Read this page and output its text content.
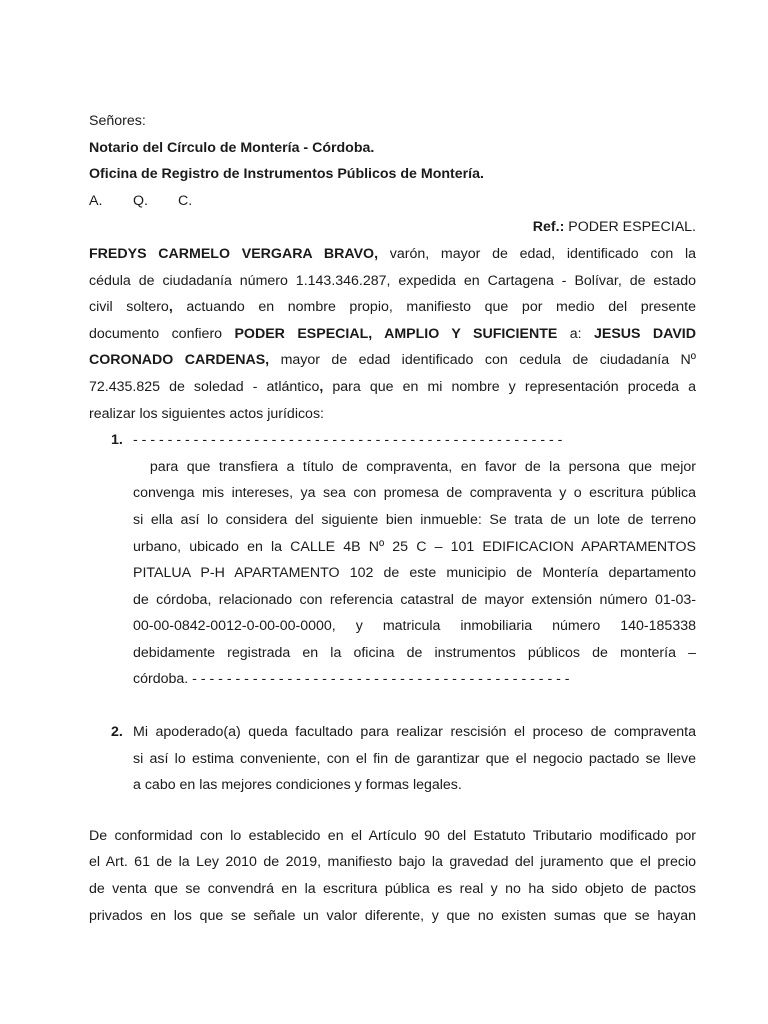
Señores:
Notario del Círculo de Montería - Córdoba.
Oficina de Registro de Instrumentos Públicos de Montería.
A. Q. C.
Ref.: PODER ESPECIAL.
FREDYS CARMELO VERGARA BRAVO, varón, mayor de edad, identificado con la
cédula de ciudadanía número 1.143.346.287, expedida en Cartagena - Bolívar, de estado
civil soltero, actuando en nombre propio, manifiesto que por medio del presente
documento confiero PODER ESPECIAL, AMPLIO Y SUFICIENTE a: JESUS DAVID
CORONADO CARDENAS, mayor de edad identificado con cedula de ciudadanía Nº
72.435.825 de soledad - atlántico, para que en mi nombre y representación proceda a
realizar los siguientes actos jurídicos:
1. - - - - - - - - - - - - - - - - - - - - - - - - - - - - - - - - - - - - - - - - - - - - - - - - - -
para que transfiera a título de compraventa, en favor de la persona que mejor
convenga mis intereses, ya sea con promesa de compraventa y o escritura pública
si ella así lo considera del siguiente bien inmueble: Se trata de un lote de terreno
urbano, ubicado en la CALLE 4B Nº 25 C – 101 EDIFICACION APARTAMENTOS
PITALUA P-H APARTAMENTO 102 de este municipio de Montería departamento
de córdoba, relacionado con referencia catastral de mayor extensión número 01-03-
00-00-0842-0012-0-00-00-0000, y matricula inmobiliaria número 140-185338
debidamente registrada en la oficina de instrumentos públicos de montería –
córdoba. - - - - - - - - - - - - - - - - - - - - - - - - - - - - - - - - - - - - - - - - - - - -
2. Mi apoderado(a) queda facultado para realizar rescisión el proceso de compraventa
si así lo estima conveniente, con el fin de garantizar que el negocio pactado se lleve
a cabo en las mejores condiciones y formas legales.
De conformidad con lo establecido en el Artículo 90 del Estatuto Tributario modificado por
el Art. 61 de la Ley 2010 de 2019, manifiesto bajo la gravedad del juramento que el precio
de venta que se convendrá en la escritura pública es real y no ha sido objeto de pactos
privados en los que se señale un valor diferente, y que no existen sumas que se hayan
